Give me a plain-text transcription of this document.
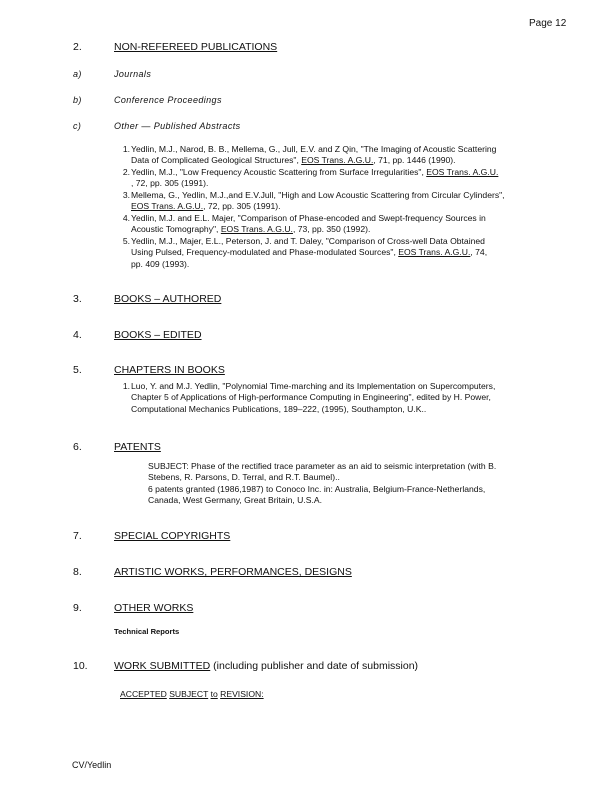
Page 12
2.	NON-REFEREED PUBLICATIONS
a)	Journals
b)	Conference Proceedings
c)	Other — Published Abstracts
1.Yedlin, M.J., Narod, B. B., Mellema, G., Jull, E.V. and Z Qin, "The Imaging of Acoustic Scattering
Data of Complicated Geological Structures", EOS Trans. A.G.U., 71, pp. 1446 (1990).
2.Yedlin, M.J., "Low Frequency Acoustic Scattering from Surface Irregularities", EOS Trans. A.G.U.
, 72, pp. 305 (1991).
3.Mellema, G., Yedlin, M.J.,and E.V.Jull, "High and Low Acoustic Scattering from Circular Cylinders",
EOS Trans. A.G.U., 72, pp. 305 (1991).
4.Yedlin, M.J. and E.L. Majer, "Comparison of Phase-encoded and Swept-frequency Sources in
Acoustic Tomography", EOS Trans. A.G.U., 73, pp. 350 (1992).
5.Yedlin, M.J., Majer, E.L., Peterson, J. and T. Daley, "Comparison of Cross-well Data Obtained
Using Pulsed, Frequency-modulated and Phase-modulated Sources", EOS Trans. A.G.U., 74,
pp. 409 (1993).
3.	BOOKS – AUTHORED
4.	BOOKS – EDITED
5.	CHAPTERS IN BOOKS
1.Luo, Y. and M.J. Yedlin, "Polynomial Time-marching and its Implementation on Supercomputers,
Chapter 5 of Applications of High-performance Computing in Engineering", edited by H. Power,
Computational Mechanics Publications, 189–222, (1995), Southampton, U.K..
6.	PATENTS
SUBJECT: Phase of the rectified trace parameter as an aid to seismic interpretation (with B.
Stebens, R. Parsons, D. Terral, and R.T. Baumel)..
6 patents granted (1986,1987) to Conoco Inc. in: Australia, Belgium-France-Netherlands,
Canada, West Germany, Great Britain, U.S.A.
7.	SPECIAL COPYRIGHTS
8.	ARTISTIC WORKS, PERFORMANCES, DESIGNS
9.	OTHER WORKS
Technical Reports
10.	WORK SUBMITTED (including publisher and date of submission)
ACCEPTED SUBJECT to REVISION:
CV/Yedlin
